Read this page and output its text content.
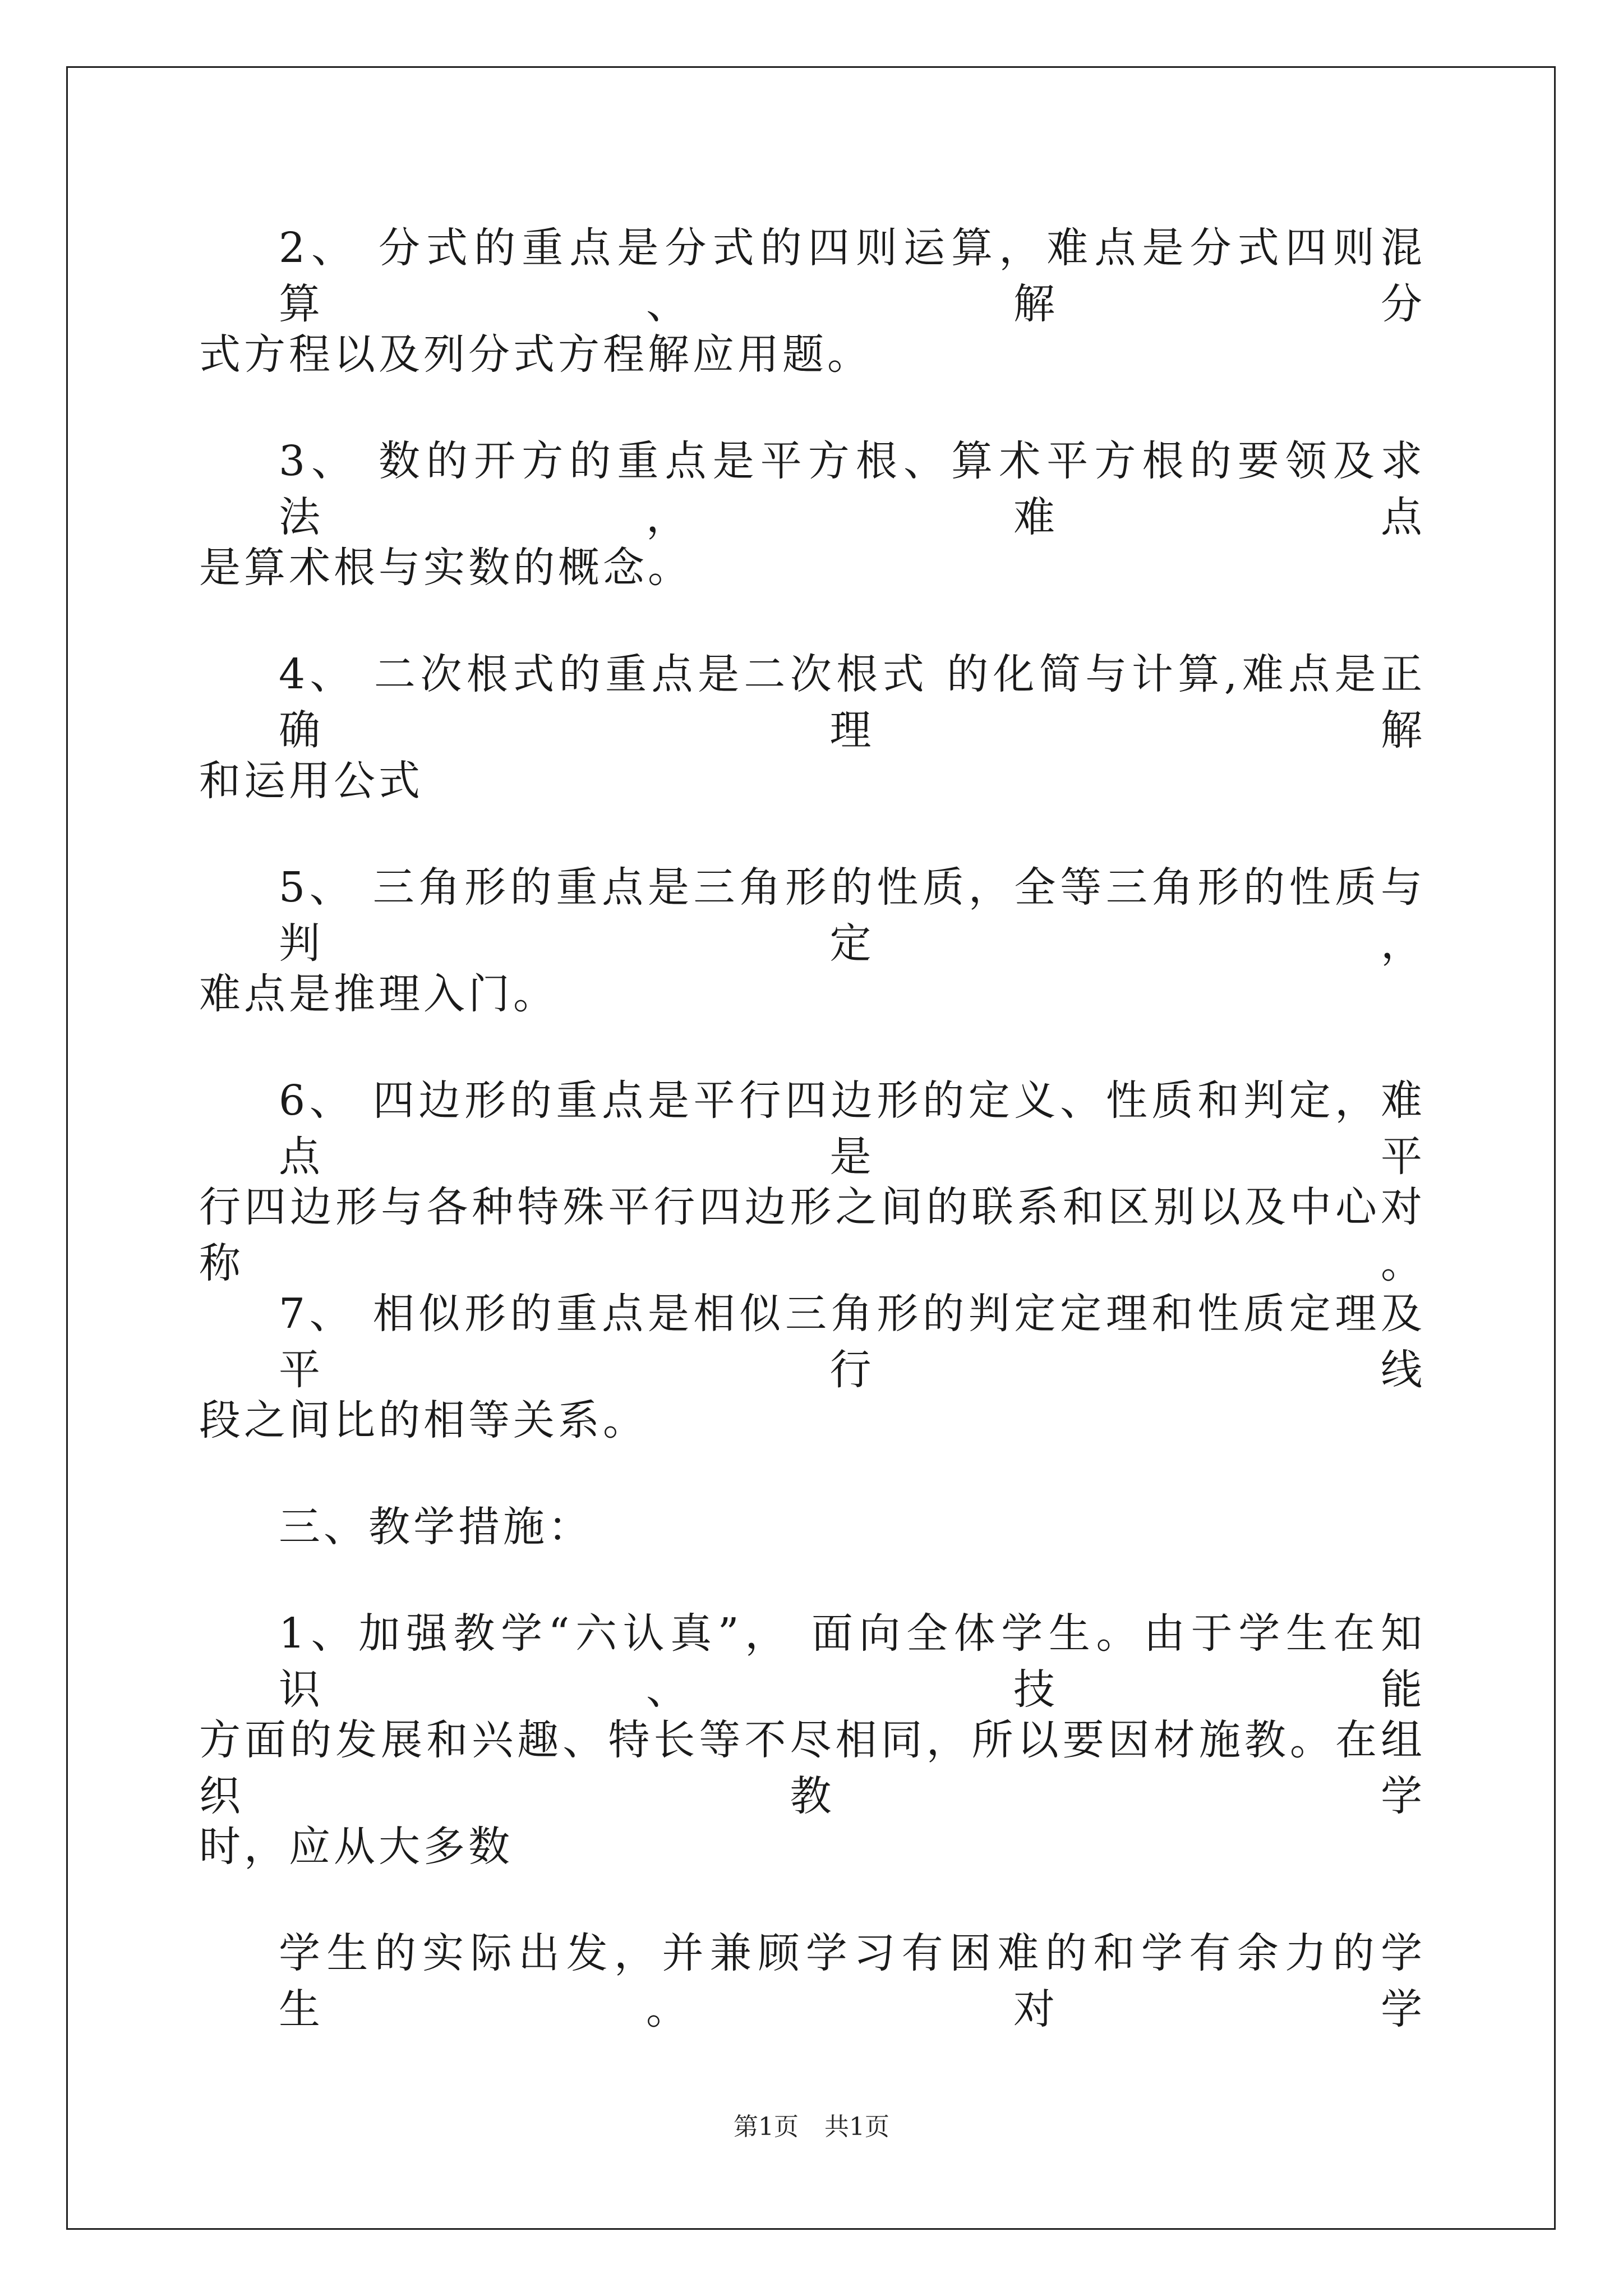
2、 分式的重点是分式的四则运算，难点是分式四则混算、解分

式方程以及列分式方程解应用题。

3、 数的开方的重点是平方根、算术平方根的要领及求法，难点

是算术根与实数的概念。

4、 二次根式的重点是二次根式 的化简与计算,难点是正确理解

和运用公式

5、 三角形的重点是三角形的性质，全等三角形的性质与判定，

难点是推理入门。

6、 四边形的重点是平行四边形的定义、性质和判定，难点是平

行四边形与各种特殊平行四边形之间的联系和区别以及中心对称。

7、 相似形的重点是相似三角形的判定定理和性质定理及平行线

段之间比的相等关系。

三、教学措施：

1、加强教学“六认真”， 面向全体学生。由于学生在知识、技能

方面的发展和兴趣、特长等不尽相同，所以要因材施教。在组织教学

时，应从大多数

学生的实际出发，并兼顾学习有困难的和学有余力的学生。对学

第1页 共1页
